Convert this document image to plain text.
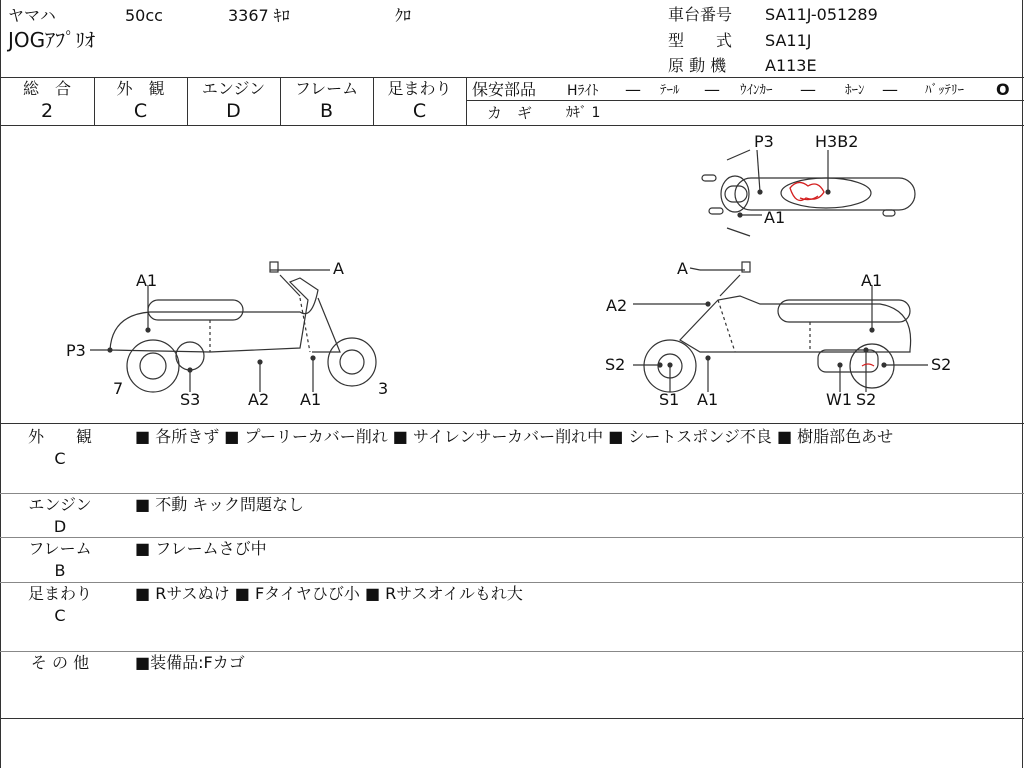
ヤマハ	50cc	3367 ｷﾛ	ｸﾛ
JOGｱﾌﾟﾘｵ
車台番号 SA11J-051289
型　　式 SA11J
原 動 機 A113E
総　合
2
外　観
C
エンジン
D
フレーム
B
足まわり
C
保安部品 Hﾗｲﾄ — ﾃｰﾙ — ｳｲﾝｶｰ — ﾎｰﾝ — ﾊﾞｯﾃﾘｰ O
カ　ギ ｶｷﾞ 1
P3	H3B2
A1
A
A1
P3
7
S3	A2 A1
3
A
A2
A1
S2
S1 A1	W1 S2
S2
外　　観
C
■ 各所きず ■ プーリーカバー削れ ■ サイレンサーカバー削れ中 ■ シートスポンジ不良 ■ 樹脂部色あせ
エンジン
D
■ 不動 キック問題なし
フレーム
B
■ フレームさび中
足まわり
C
■ Rサスぬけ ■ Fタイヤひび小 ■ Rサスオイルもれ大
そ の 他	■装備品:Fカゴ
